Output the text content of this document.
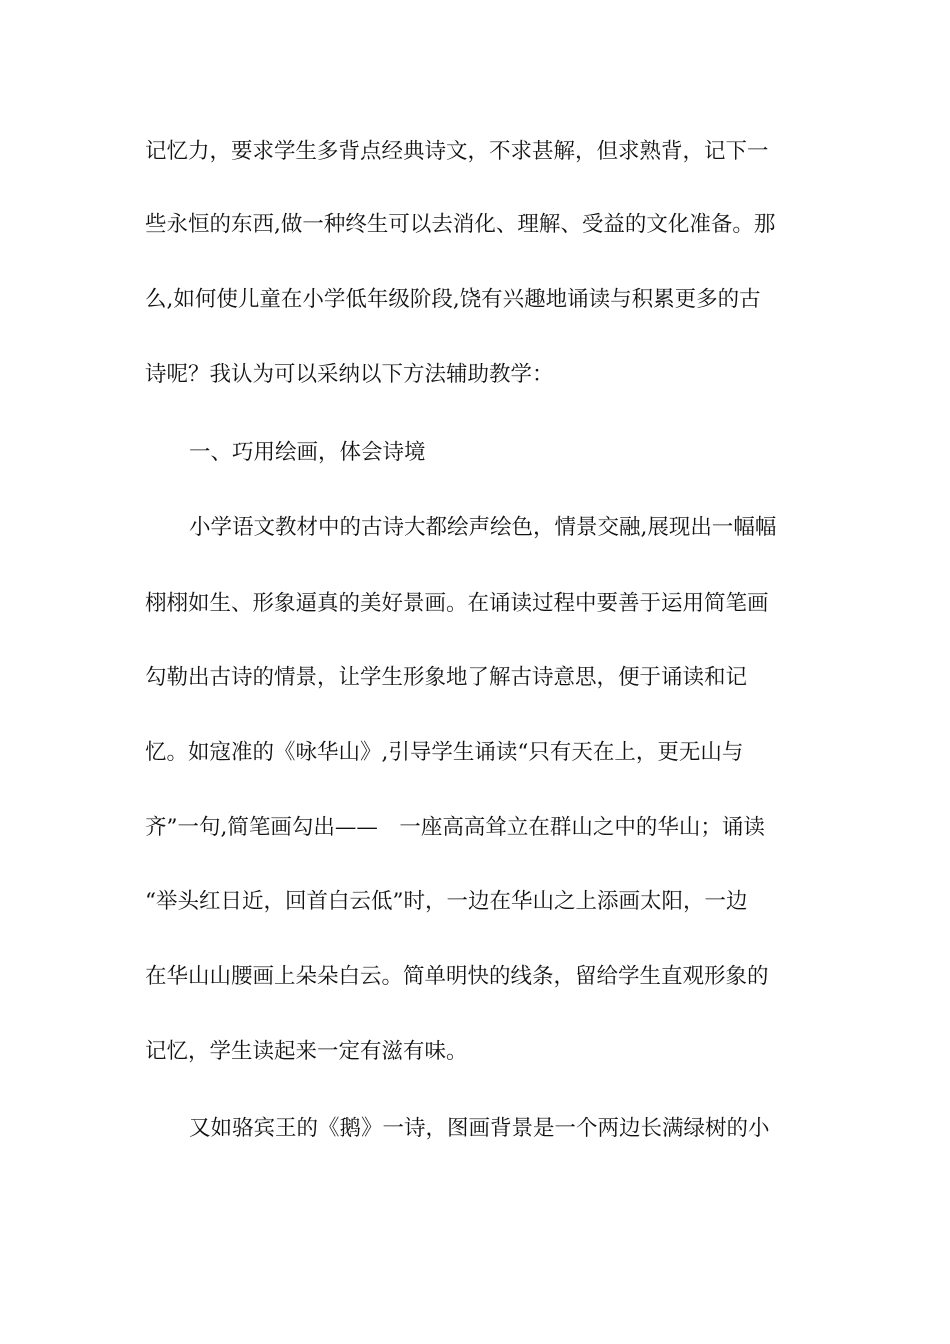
记忆力，要求学生多背点经典诗文，不求甚解，但求熟背，记下一
些永恒的东西,做一种终生可以去消化、理解、受益的文化准备。那
么,如何使儿童在小学低年级阶段,饶有兴趣地诵读与积累更多的古
诗呢？我认为可以采纳以下方法辅助教学：
一、巧用绘画，体会诗境
小学语文教材中的古诗大都绘声绘色，情景交融,展现出一幅幅
栩栩如生、形象逼真的美好景画。在诵读过程中要善于运用简笔画
勾勒出古诗的情景，让学生形象地了解古诗意思，便于诵读和记
忆。如寇准的《咏华山》,引导学生诵读“只有天在上，更无山与
齐”一句,简笔画勾出——　一座高高耸立在群山之中的华山；诵读
“举头红日近，回首白云低”时，一边在华山之上添画太阳，一边
在华山山腰画上朵朵白云。简单明快的线条，留给学生直观形象的
记忆，学生读起来一定有滋有味。
又如骆宾王的《鹅》一诗，图画背景是一个两边长满绿树的小
